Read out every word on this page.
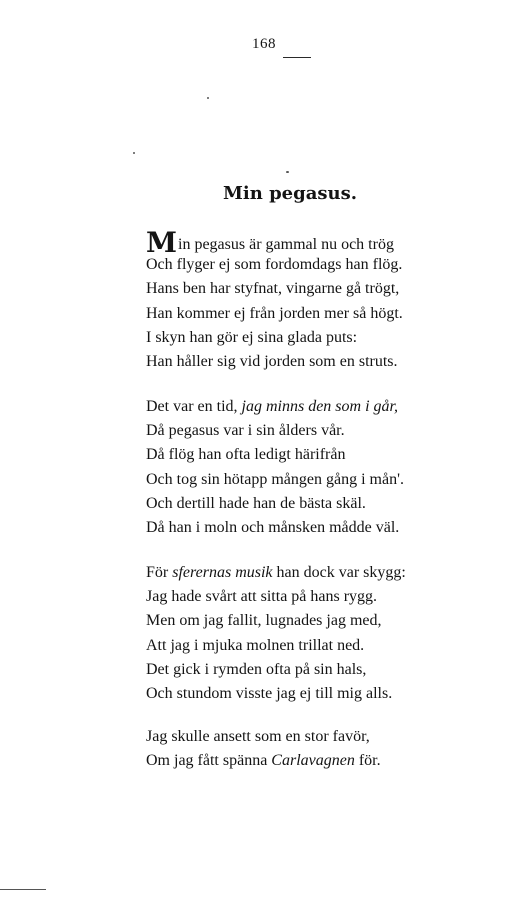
168
Min pegasus.
Min pegasus är gammal nu och trög
Och flyger ej som fordomdags han flög.
Hans ben har styfnat, vingarne gå trögt,
Han kommer ej från jorden mer så högt.
I skyn han gör ej sina glada puts:
Han håller sig vid jorden som en struts.
Det var en tid, jag minns den som i går,
Då pegasus var i sin ålders vår.
Då flög han ofta ledigt härifrån
Och tog sin hötapp mången gång i mån'.
Och dertill hade han de bästa skäl.
Då han i moln och månsken mådde väl.
För sferernas musik han dock var skygg:
Jag hade svårt att sitta på hans rygg.
Men om jag fallit, lugnades jag med,
Att jag i mjuka molnen trillat ned.
Det gick i rymden ofta på sin hals,
Och stundom visste jag ej till mig alls.
Jag skulle ansett som en stor favör,
Om jag fått spänna Carlavagnen för.
